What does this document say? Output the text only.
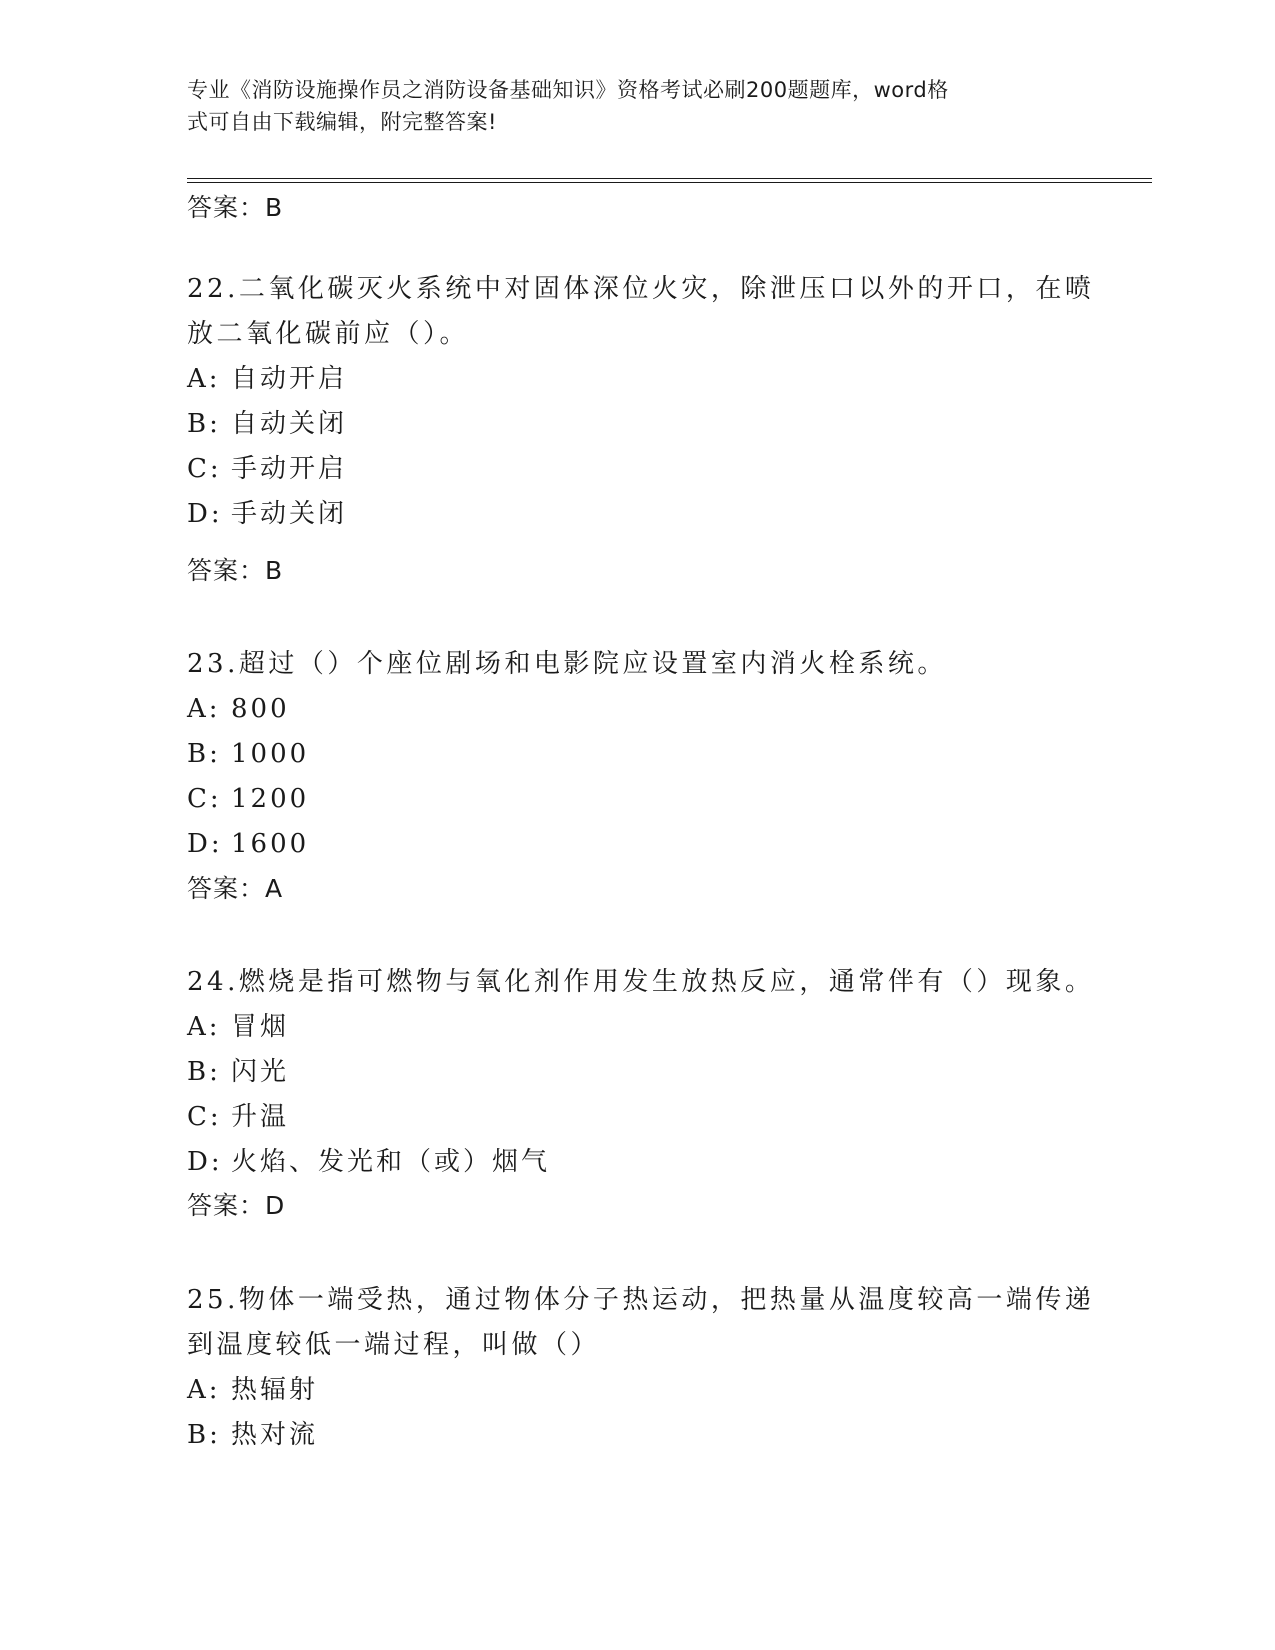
专业《消防设施操作员之消防设备基础知识》资格考试必刷200题题库，word格
式可自由下载编辑，附完整答案!
答案：B
22.二氧化碳灭火系统中对固体深位火灾，除泄压口以外的开口，在喷
放二氧化碳前应（）。
A: 自动开启
B: 自动关闭
C: 手动开启
D: 手动关闭
答案：B
23.超过（）个座位剧场和电影院应设置室内消火栓系统。
A: 800
B: 1000
C: 1200
D: 1600
答案：A
24.燃烧是指可燃物与氧化剂作用发生放热反应，通常伴有（）现象。
A: 冒烟
B: 闪光
C: 升温
D: 火焰、发光和（或）烟气
答案：D
25.物体一端受热，通过物体分子热运动，把热量从温度较高一端传递
到温度较低一端过程，叫做（）
A: 热辐射
B: 热对流
